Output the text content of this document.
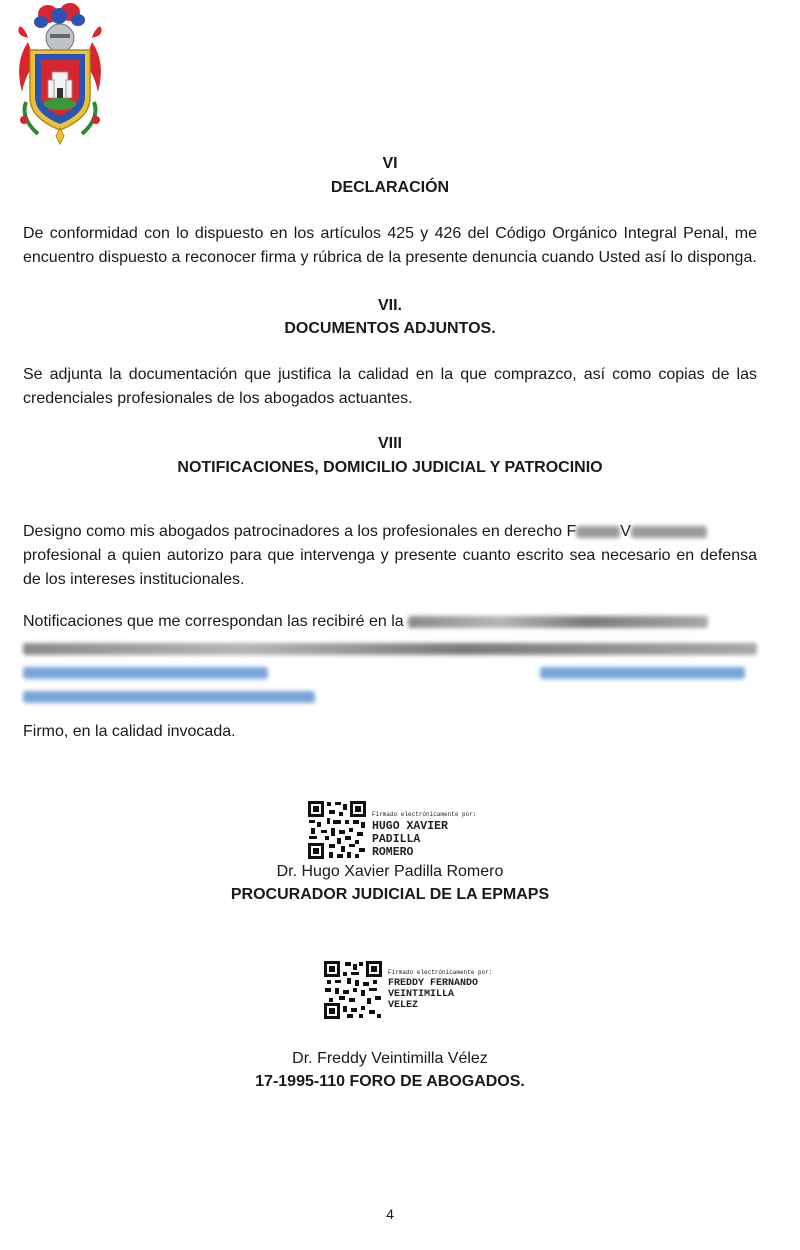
VI
DECLARACIÓN
De conformidad con lo dispuesto en los artículos 425 y 426 del Código Orgánico Integral Penal, me encuentro dispuesto a reconocer firma y rúbrica de la presente denuncia cuando Usted así lo disponga.
VII.
DOCUMENTOS ADJUNTOS.
Se adjunta la documentación que justifica la calidad en la que comprazco, así como copias de las credenciales profesionales de los abogados actuantes.
VIII
NOTIFICACIONES, DOMICILIO JUDICIAL Y PATROCINIO
Designo como mis abogados patrocinadores a los profesionales en derecho F	V
profesional a quien autorizo para que intervenga y presente cuanto escrito sea necesario en defensa de los intereses institucionales.
Notificaciones que me correspondan las recibiré en la

Firmo, en la calidad invocada.
Firmado electrónicamente por:
HUGO XAVIER
PADILLA
ROMERO
Dr. Hugo Xavier Padilla Romero
PROCURADOR JUDICIAL DE LA EPMAPS
Firmado electrónicamente por:
FREDDY FERNANDO
VEINTIMILLA
VELEZ
Dr. Freddy Veintimilla Vélez
17-1995-110 FORO DE ABOGADOS.
4
